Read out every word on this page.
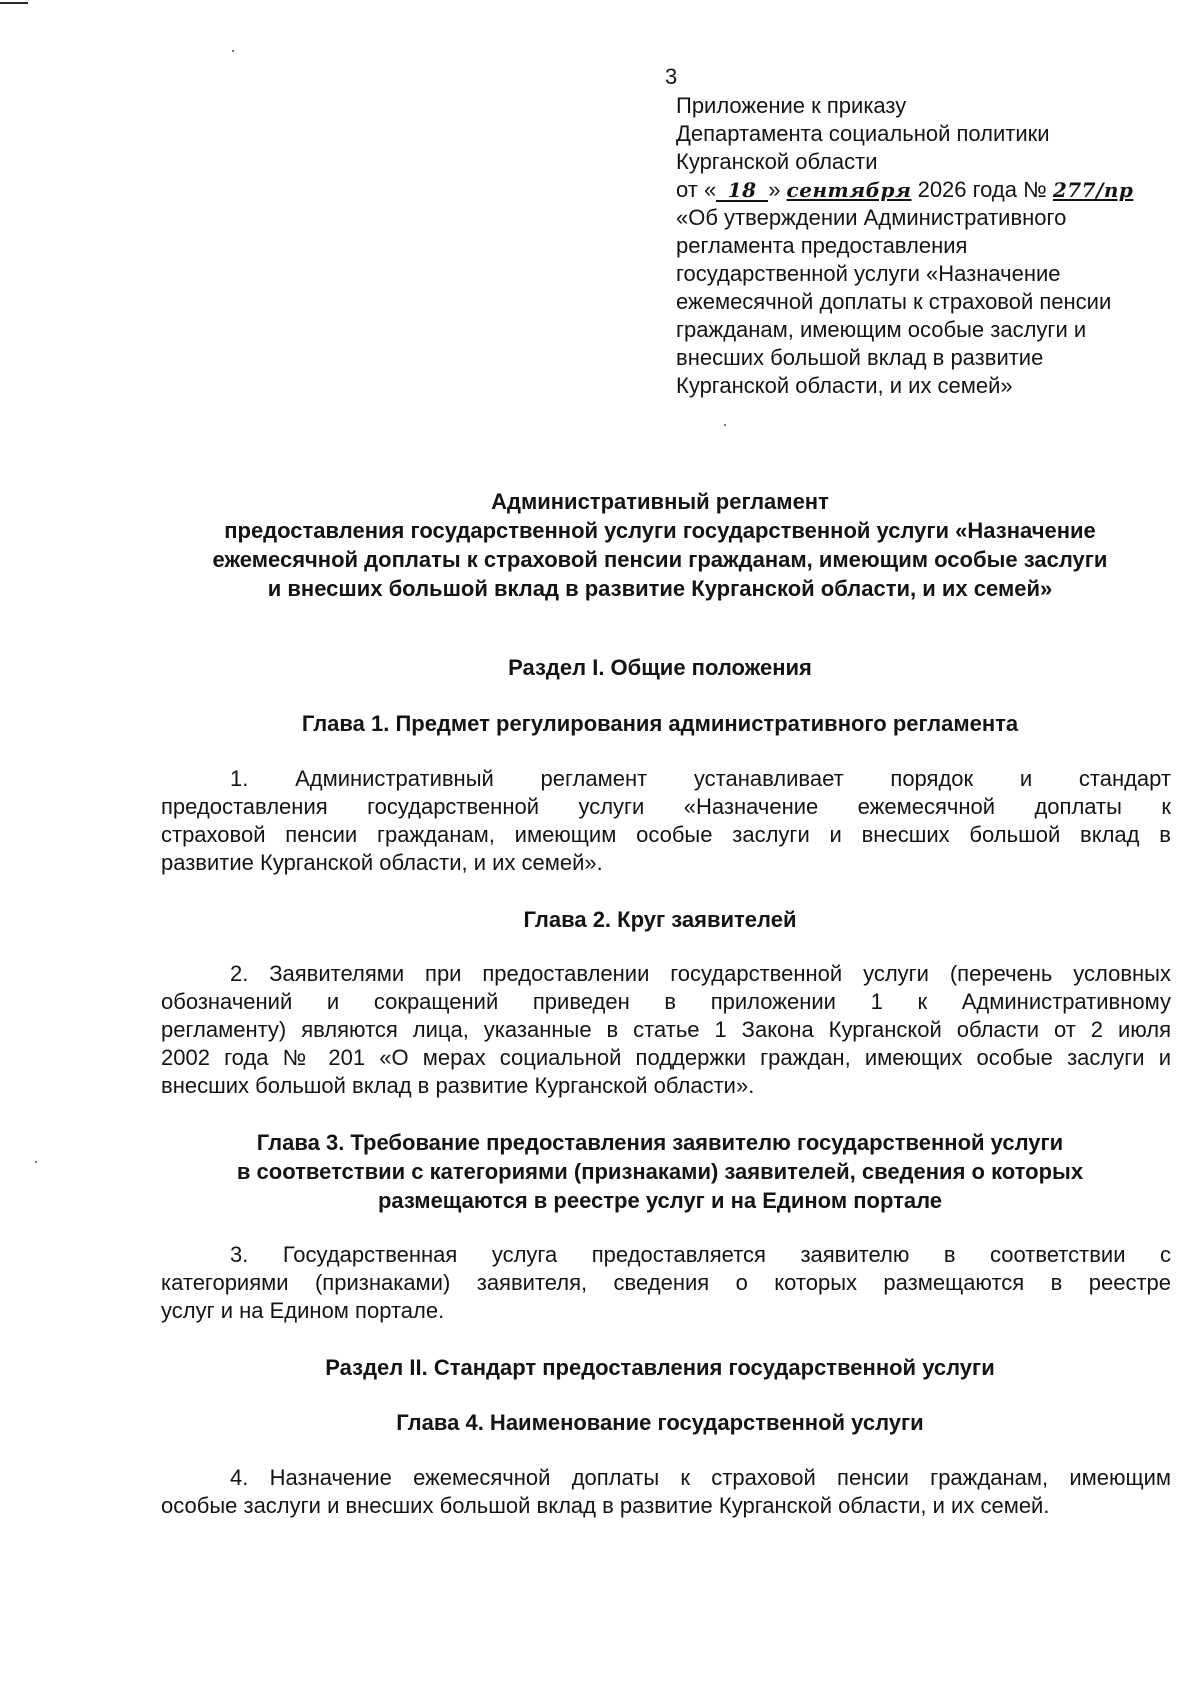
3
Приложение к приказу
Департамента социальной политики
Курганской области
от « 18 » сентября 2026 года № 277/пр
«Об утверждении Административного
регламента предоставления
государственной услуги «Назначение
ежемесячной доплаты к страховой пенсии
гражданам, имеющим особые заслуги и
внесших большой вклад в развитие
Курганской области, и их семей»
Административный регламент
предоставления государственной услуги государственной услуги «Назначение
ежемесячной доплаты к страховой пенсии гражданам, имеющим особые заслуги
и внесших большой вклад в развитие Курганской области, и их семей»
Раздел I. Общие положения
Глава 1. Предмет регулирования административного регламента
1. Административный регламент устанавливает порядок и стандарт
предоставления государственной услуги «Назначение ежемесячной доплаты к
страховой пенсии гражданам, имеющим особые заслуги и внесших большой вклад в
развитие Курганской области, и их семей».
Глава 2. Круг заявителей
2. Заявителями при предоставлении государственной услуги (перечень условных
обозначений и сокращений приведен в приложении 1 к Административному
регламенту) являются лица, указанные в статье 1 Закона Курганской области от 2 июля
2002 года № 201 «О мерах социальной поддержки граждан, имеющих особые заслуги и
внесших большой вклад в развитие Курганской области».
Глава 3. Требование предоставления заявителю государственной услуги
в соответствии с категориями (признаками) заявителей, сведения о которых
размещаются в реестре услуг и на Едином портале
3. Государственная услуга предоставляется заявителю в соответствии с
категориями (признаками) заявителя, сведения о которых размещаются в реестре
услуг и на Едином портале.
Раздел II. Стандарт предоставления государственной услуги
Глава 4. Наименование государственной услуги
4. Назначение ежемесячной доплаты к страховой пенсии гражданам, имеющим
особые заслуги и внесших большой вклад в развитие Курганской области, и их семей.
